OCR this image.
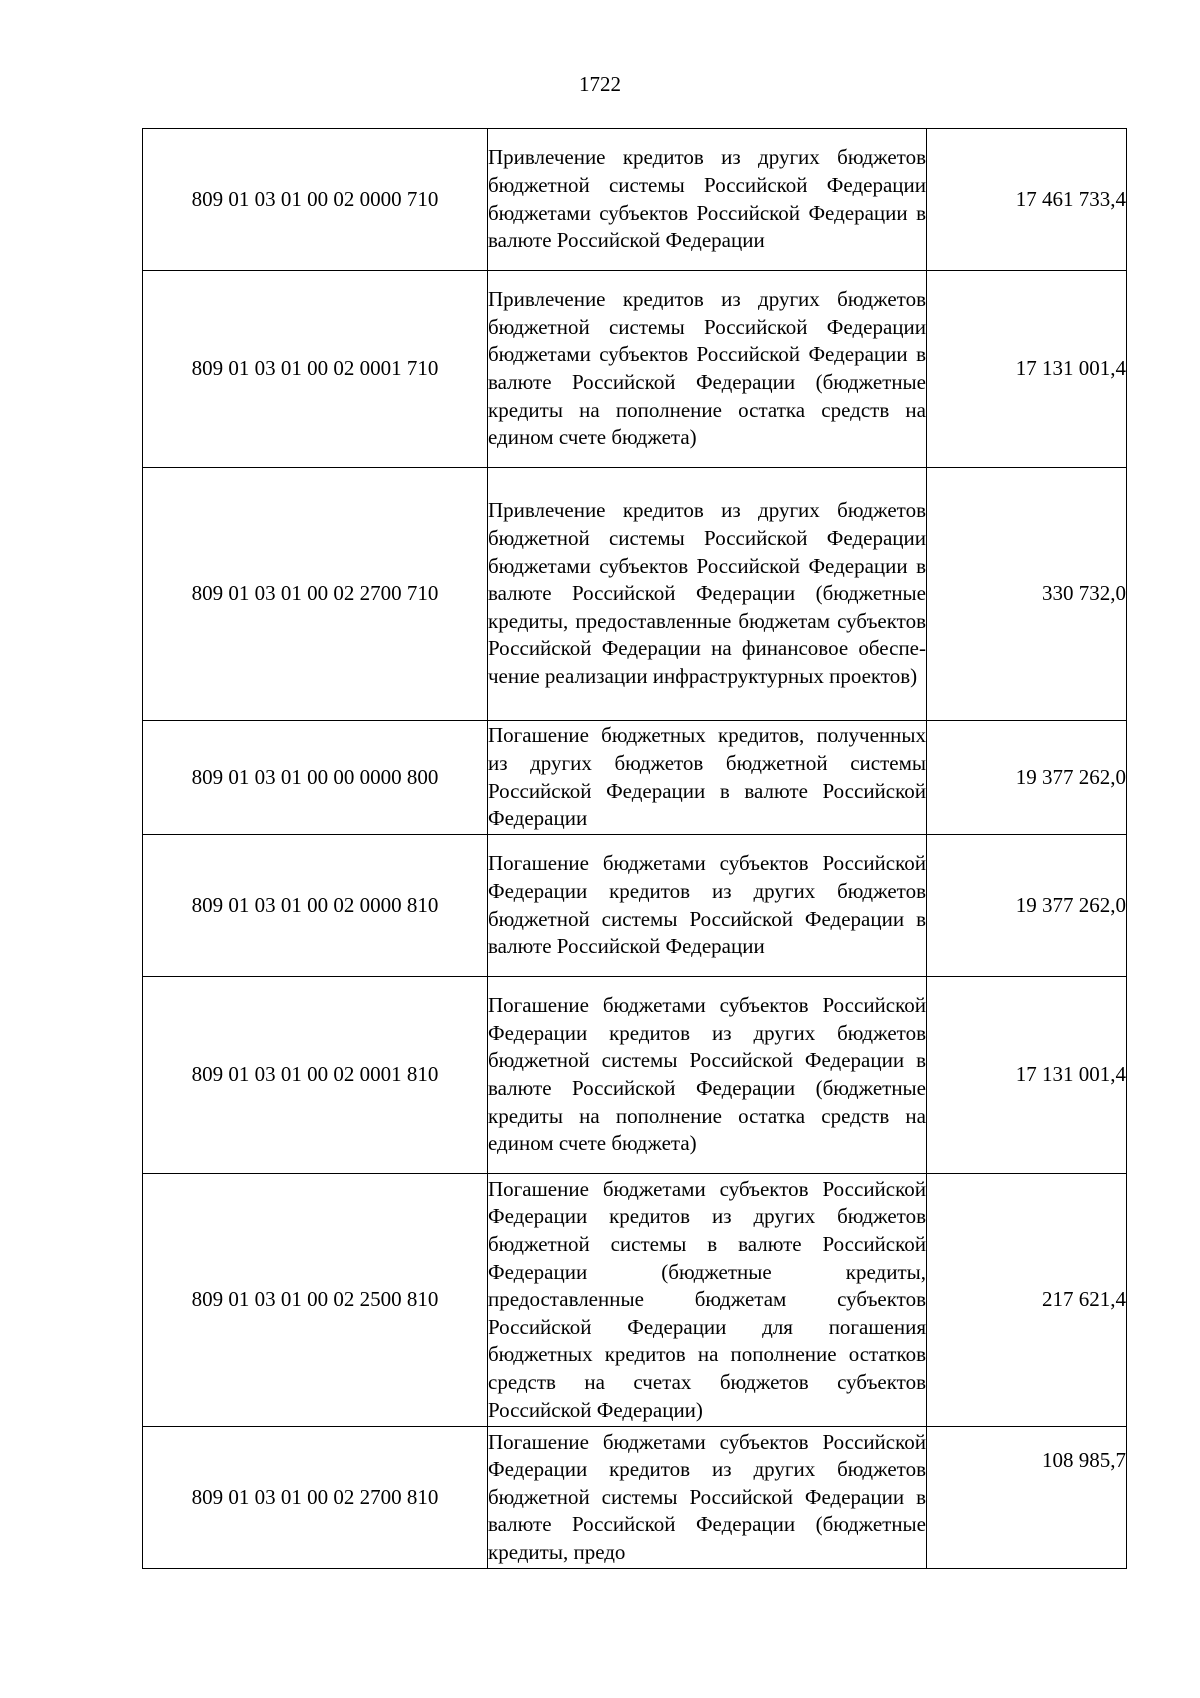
1722
809 01 03 01 00 02 0000 710	Привлечение кредитов из других бюджетов бюджетной системы Российской Федерации бюджетами субъектов Российской Федерации в валюте Российской Федерации	17 461 733,4
809 01 03 01 00 02 0001 710	Привлечение кредитов из других бюджетов бюджетной системы Российской Федерации бюджетами субъектов Российской Федерации в валюте Российской Федерации (бюджетные кредиты на пополнение остатка средств на едином счете бюджета)	17 131 001,4
809 01 03 01 00 02 2700 710	Привлечение кредитов из других бюджетов бюджетной системы Российской Федерации бюджетами субъектов Российской Федерации в валюте Российской Федерации (бюджетные кредиты, предоставленные бюджетам субъектов Российской Федерации на финансовое обеспечение реализации инфраструктурных проектов)	330 732,0
809 01 03 01 00 00 0000 800	Погашение бюджетных кредитов, полученных из других бюджетов бюджетной системы Российской Федерации в валюте Российской Федерации	19 377 262,0
809 01 03 01 00 02 0000 810	Погашение бюджетами субъектов Российской Федерации кредитов из других бюджетов бюджетной системы Российской Федерации в валюте Российской Федерации	19 377 262,0
809 01 03 01 00 02 0001 810	Погашение бюджетами субъектов Российской Федерации кредитов из других бюджетов бюджетной системы Российской Федерации в валюте Российской Федерации (бюджетные кредиты на пополнение остатка средств на едином счете бюджета)	17 131 001,4
809 01 03 01 00 02 2500 810	Погашение бюджетами субъектов Российской Федерации кредитов из других бюджетов бюджетной системы в валюте Российской Федерации (бюджетные кредиты, предоставленные бюджетам субъектов Российской Федерации для погашения бюджетных кредитов на пополнение остатков средств на счетах бюджетов субъектов Российской Федерации)	217 621,4
809 01 03 01 00 02 2700 810	Погашение бюджетами субъектов Российской Федерации кредитов из других бюджетов бюджетной системы Российской Федерации в валюте Российской Федерации (бюджетные кредиты, предо	108 985,7
